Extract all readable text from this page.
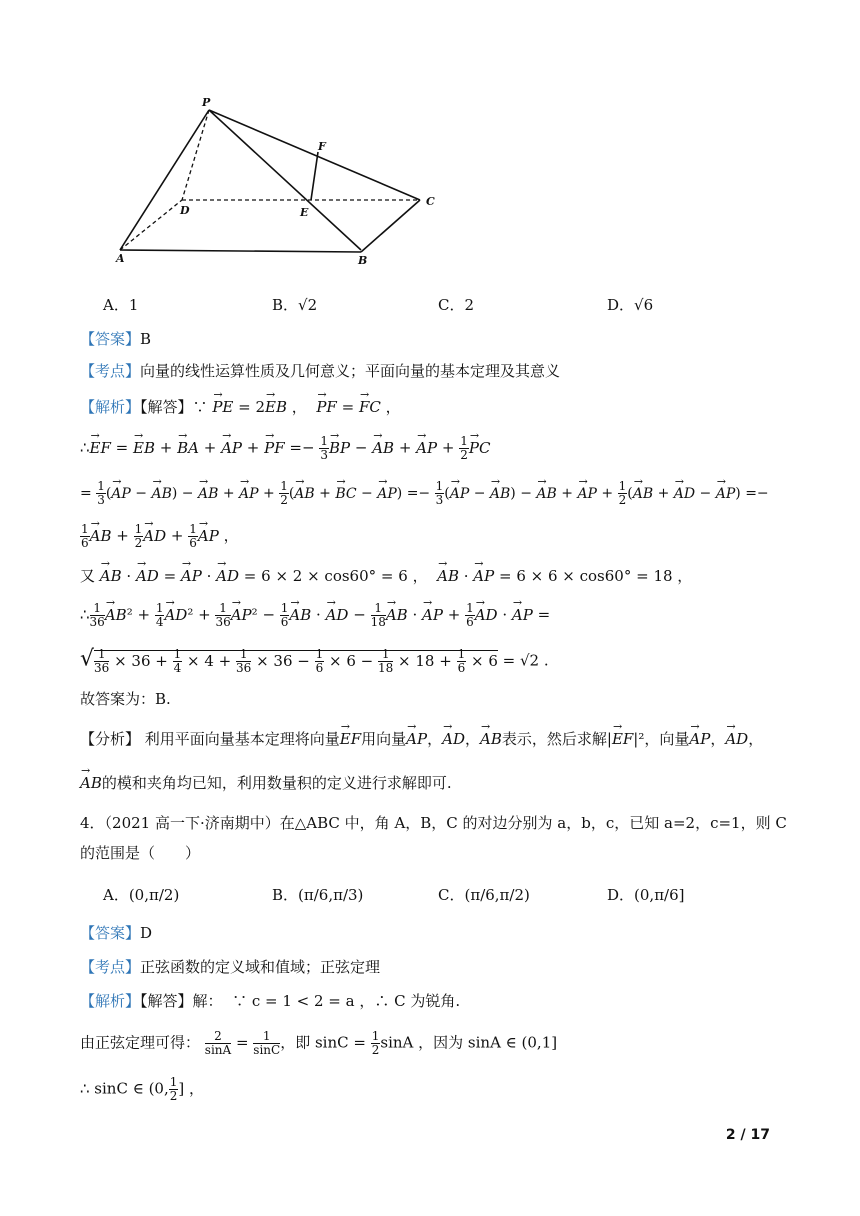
P
F
C
D	E
A	B
A．1	B．√2	C．2	D．√6
【答案】B
【考点】向量的线性运算性质及几何意义；平面向量的基本定理及其意义
【解析】【解答】∵ → PE = 2→ EB ，  → PF = → FC ，
∴→ EF = → EB + → BA + → AP + → PF =− $\frac{1}{3}$
→ BP − → AB + → AP + $\frac{1}{2}$
→ PC
= $\frac{1}{3}$ (→ AP − → AB) − → AB + → AP + $\frac{1}{2}$ (→ AB + → BC − → $AP) =- \frac{1}{3}$ (→ AP − → AB) − → AB + → AP + $\frac{1}{2}$ (→ AB + → AD − → AP) =−
$\frac{1}{6}$
→ AB + $\frac{1}{2}$
→ AD + $\frac{1}{6}$
→ AP ，
又 → AB · → AD = → AP · → AD = 6 × 2 × cos60° = 6 ，  → AB · → AP = 6 × 6 × cos60° = 18 ，
∴ $\frac{1}{36}$
→ $AB^2 + \frac{1}{4}$
→ $AD^2 + \frac{1}{36}$
→ $AP^2 - \frac{1}{6}$
→ AB · → AD − $\frac{1}{18}$
→ AB · → AP + $\frac{1}{6}$
→ AD · → AP =
√ $\frac{1}{36} \times 36 + \frac{1}{4} \times 4 + \frac{1}{36} \times 36 - \frac{1}{6} \times 6 - \frac{1}{18} \times 18 + \frac{1}{6} \times 6 = √2$ .
故答案为：B.
【分析】 利用平面向量基本定理将向量→ EF用向量→ AP，→ AD，→ AB表示，然后求解|→ EF|²，向量→ AP，→ AD，
→ AB的模和夹角均已知，利用数量积的定义进行求解即可.
4．（2021 高一下·济南期中）在△ABC 中，角 A，B，C 的对边分别为 a，b，c，已知 a=2，c=1，则 C
的范围是（　　）
A．(0,π/2)	B．(π/6,π/3)	C．(π/6,π/2)	D．(0,π/6]
【答案】D
【考点】正弦函数的定义域和值域；正弦定理
【解析】【解答】解： ∵ c = 1 < 2 = a ，∴ C 为锐角.
由正弦定理可得： $\frac{2}{\sin A} = \frac{1}{\sin C}$ ，即 $\sin C = \frac{1}{2}$ sinA ，因为 sinA ∈ (0,1]
∴ sinC ∈ (0, $\frac{1}{2}$ ] ，
2 / 17
